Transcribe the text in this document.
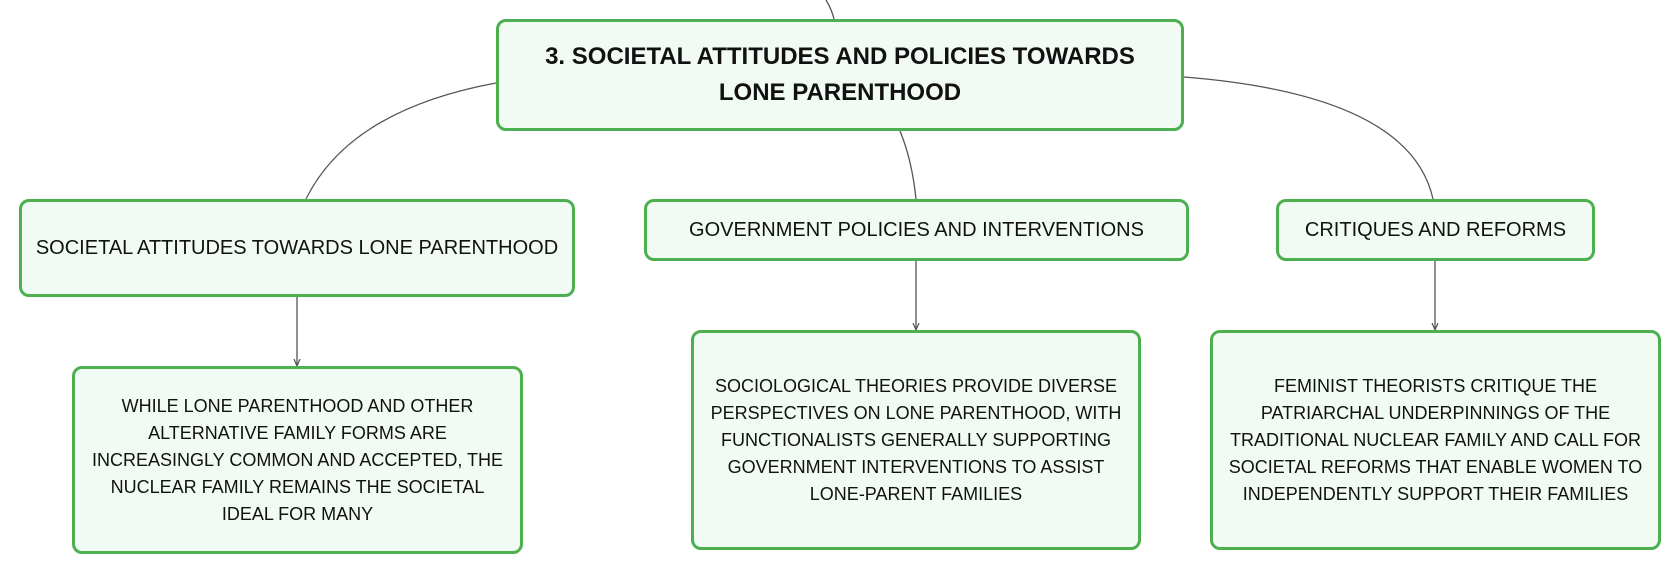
3. SOCIETAL ATTITUDES AND POLICIES TOWARDS LONE PARENTHOOD
SOCIETAL ATTITUDES TOWARDS LONE PARENTHOOD
GOVERNMENT POLICIES AND INTERVENTIONS	CRITIQUES AND REFORMS
WHILE LONE PARENTHOOD AND OTHER ALTERNATIVE FAMILY FORMS ARE INCREASINGLY COMMON AND ACCEPTED, THE NUCLEAR FAMILY REMAINS THE SOCIETAL IDEAL FOR MANY
SOCIOLOGICAL THEORIES PROVIDE DIVERSE PERSPECTIVES ON LONE PARENTHOOD, WITH FUNCTIONALISTS GENERALLY SUPPORTING GOVERNMENT INTERVENTIONS TO ASSIST LONE-PARENT FAMILIES
FEMINIST THEORISTS CRITIQUE THE PATRIARCHAL UNDERPINNINGS OF THE TRADITIONAL NUCLEAR FAMILY AND CALL FOR SOCIETAL REFORMS THAT ENABLE WOMEN TO INDEPENDENTLY SUPPORT THEIR FAMILIES
